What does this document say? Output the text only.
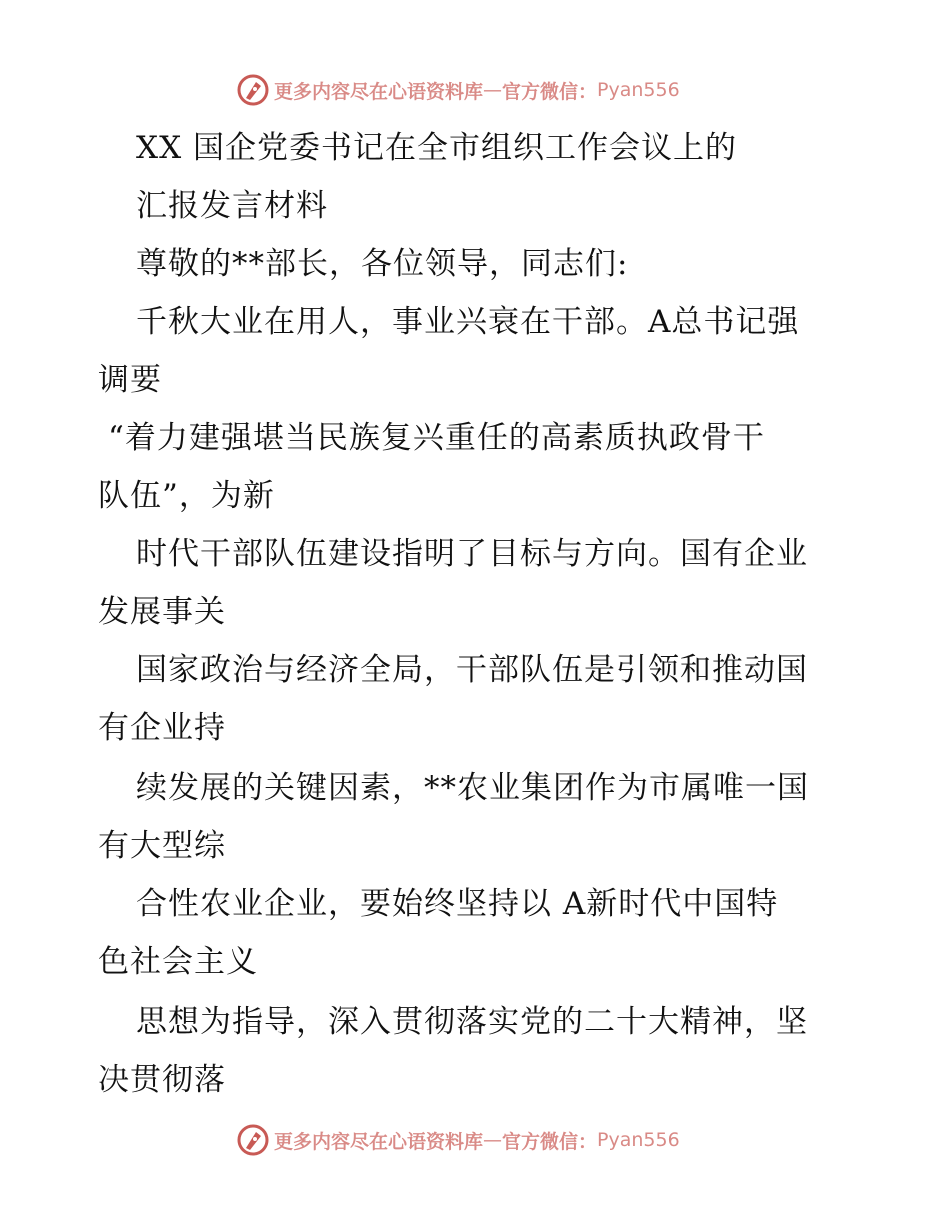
更多内容尽在心语资料库 — 官方微信： Pyan556
XX 国企党委书记在全市组织工作会议上的
汇报发言材料
尊敬的**部长，各位领导，同志们:
千秋大业在用人，事业兴衰在干部。A总书记强
调要
“着力建强堪当民族复兴重任的高素质执政骨干
队伍”，为新
时代干部队伍建设指明了目标与方向。国有企业
发展事关
国家政治与经济全局，干部队伍是引领和推动国
有企业持
续发展的关键因素，**农业集团作为市属唯一国
有大型综
合性农业企业，要始终坚持以 A新时代中国特
色社会主义
思想为指导，深入贯彻落实党的二十大精神，坚
决贯彻落
更多内容尽在心语资料库 — 官方微信： Pyan556
